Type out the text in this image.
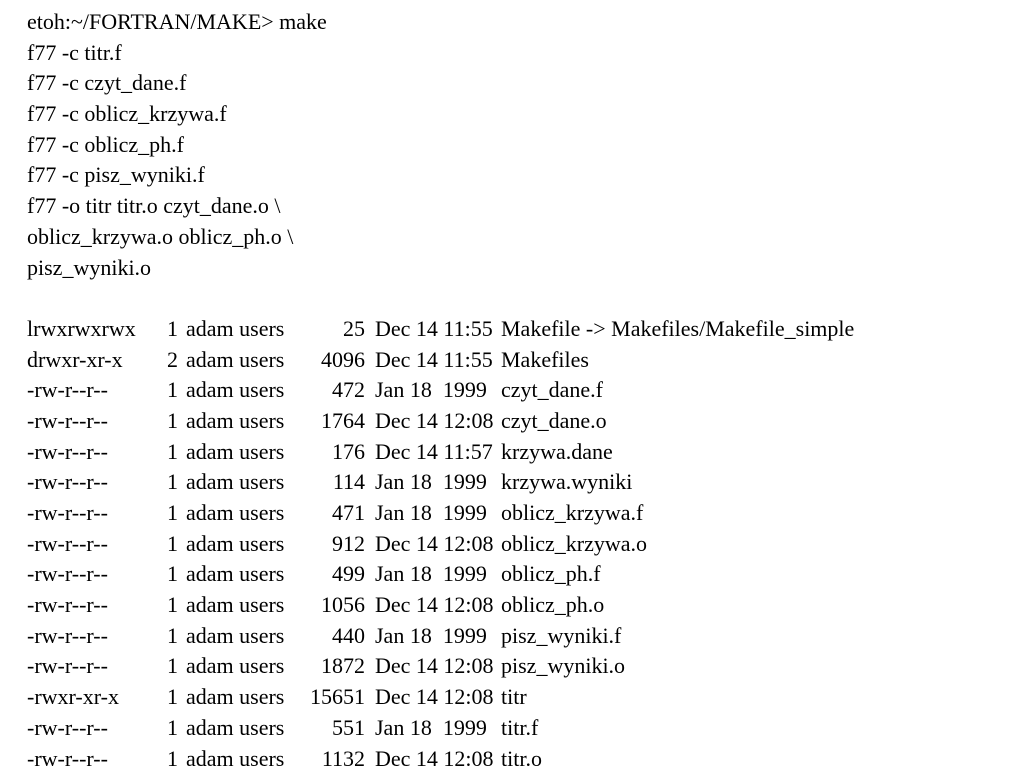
etoh:~/FORTRAN/MAKE> make
f77 -c titr.f
f77 -c czyt_dane.f
f77 -c oblicz_krzywa.f
f77 -c oblicz_ph.f
f77 -c pisz_wyniki.f
f77 -o titr titr.o czyt_dane.o \
oblicz_krzywa.o oblicz_ph.o \
pisz_wyniki.o
lrwxrwxrwx 1 adam users	25 Dec 14 11:55 Makefile -> Makefiles/Makefile_simple
drwxr-xr-x 2 adam users	4096 Dec 14 11:55 Makefiles
-rw-r--r--	1 adam users	472 Jan 18  1999 czyt_dane.f
-rw-r--r--	1 adam users	1764 Dec 14 12:08 czyt_dane.o
-rw-r--r--	1 adam users	176 Dec 14 11:57 krzywa.dane
-rw-r--r--	1 adam users	114 Jan 18  1999 krzywa.wyniki
-rw-r--r--	1 adam users	471 Jan 18  1999 oblicz_krzywa.f
-rw-r--r--	1 adam users	912 Dec 14 12:08 oblicz_krzywa.o
-rw-r--r--	1 adam users	499 Jan 18  1999 oblicz_ph.f
-rw-r--r--	1 adam users	1056 Dec 14 12:08 oblicz_ph.o
-rw-r--r--	1 adam users	440 Jan 18  1999 pisz_wyniki.f
-rw-r--r--	1 adam users	1872 Dec 14 12:08 pisz_wyniki.o
-rwxr-xr-x 1 adam users	15651 Dec 14 12:08 titr
-rw-r--r--	1 adam users	551 Jan 18  1999 titr.f
-rw-r--r--	1 adam users	1132 Dec 14 12:08 titr.o
